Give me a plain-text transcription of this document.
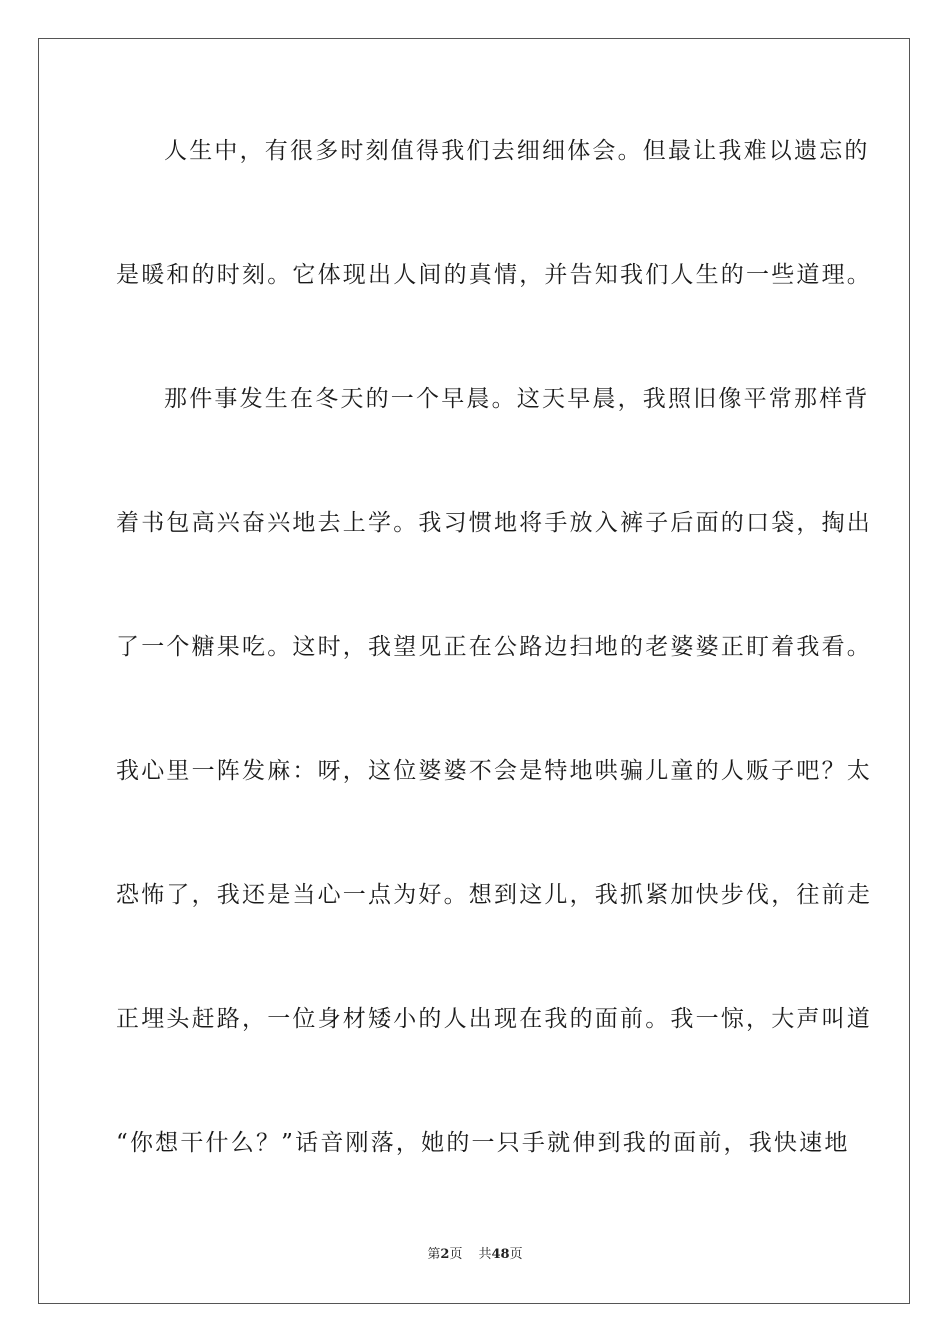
人生中，有很多时刻值得我们去细细体会。但最让我难以遗忘的
是暖和的时刻。它体现出人间的真情，并告知我们人生的一些道理。
那件事发生在冬天的一个早晨。这天早晨，我照旧像平常那样背
着书包高兴奋兴地去上学。我习惯地将手放入裤子后面的口袋，掏出
了一个糖果吃。这时，我望见正在公路边扫地的老婆婆正盯着我看。
我心里一阵发麻：呀，这位婆婆不会是特地哄骗儿童的人贩子吧？太
恐怖了，我还是当心一点为好。想到这儿，我抓紧加快步伐，往前走
正埋头赶路，一位身材矮小的人出现在我的面前。我一惊，大声叫道
“你想干什么？”话音刚落，她的一只手就伸到我的面前，我快速地
第2页 共48页
